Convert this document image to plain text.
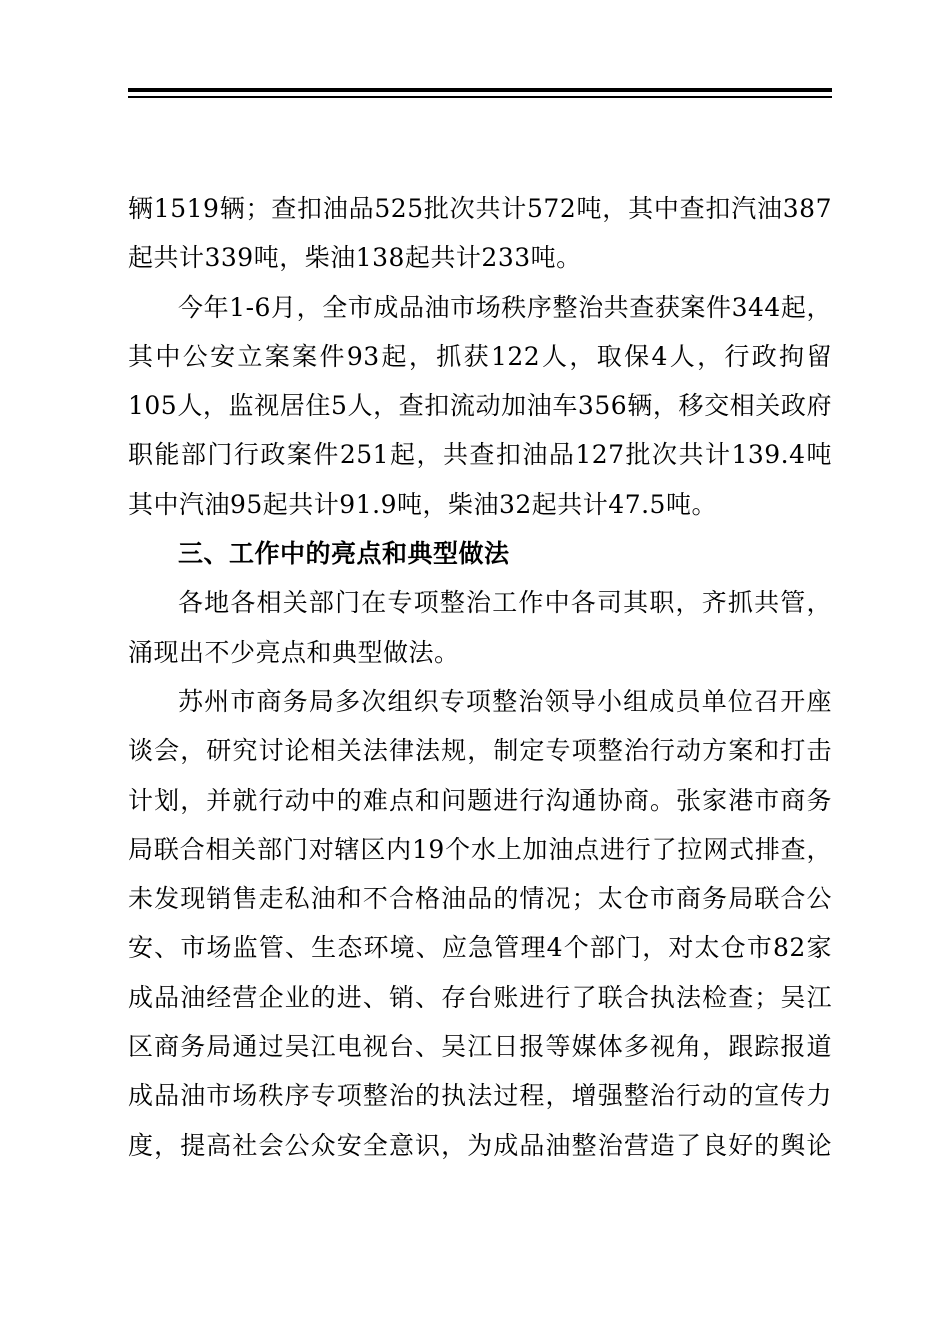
辆1519辆；查扣油品525批次共计572吨，其中查扣汽油387
起共计339吨，柴油138起共计233吨。
今年1-6月，全市成品油市场秩序整治共查获案件344起，
其中公安立案案件93起，抓获122人，取保4人，行政拘留
105人，监视居住5人，查扣流动加油车356辆，移交相关政府
职能部门行政案件251起，共查扣油品127批次共计139.4吨
其中汽油95起共计91.9吨，柴油32起共计47.5吨。
三、工作中的亮点和典型做法
各地各相关部门在专项整治工作中各司其职，齐抓共管，
涌现出不少亮点和典型做法。
苏州市商务局多次组织专项整治领导小组成员单位召开座
谈会，研究讨论相关法律法规，制定专项整治行动方案和打击
计划，并就行动中的难点和问题进行沟通协商。张家港市商务
局联合相关部门对辖区内19个水上加油点进行了拉网式排查，
未发现销售走私油和不合格油品的情况；太仓市商务局联合公
安、市场监管、生态环境、应急管理4个部门，对太仓市82家
成品油经营企业的进、销、存台账进行了联合执法检查；吴江
区商务局通过吴江电视台、吴江日报等媒体多视角，跟踪报道
成品油市场秩序专项整治的执法过程，增强整治行动的宣传力
度，提高社会公众安全意识，为成品油整治营造了良好的舆论
